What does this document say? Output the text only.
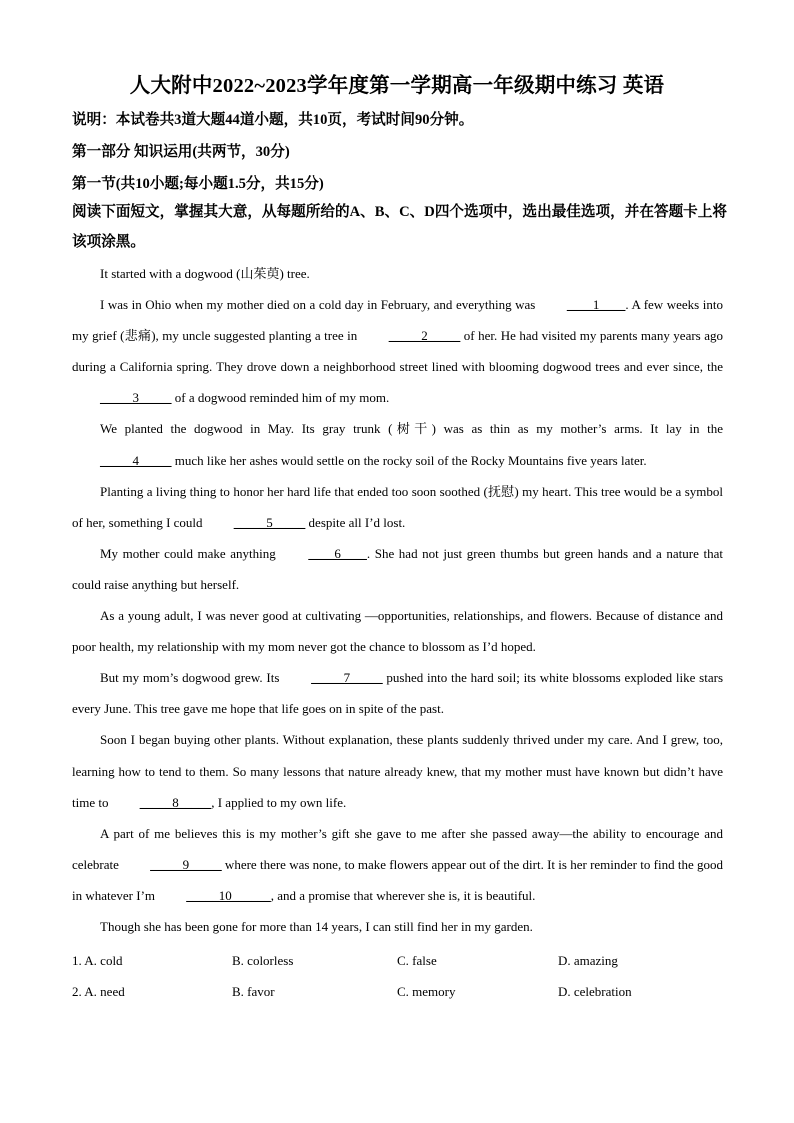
人大附中2022~2023学年度第一学期高一年级期中练习 英语
说明：本试卷共3道大题44道小题，共10页，考试时间90分钟。
第一部分 知识运用(共两节，30分)
第一节(共10小题;每小题1.5分，共15分)
阅读下面短文，掌握其大意，从每题所给的A、B、C、D四个选项中，选出最佳选项，并在答题卡上将该项涂黑。

It started with a dogwood (山茱萸) tree.

I was in Ohio when my mother died on a cold day in February, and everything was ____1____. A few weeks into my grief (悲痛), my uncle suggested planting a tree in _____2_____ of her. He had visited my parents many years ago during a California spring. They drove down a neighborhood street lined with blooming dogwood trees and ever since, the _____3_____ of a dogwood reminded him of my mom.

We planted the dogwood in May. Its gray trunk (树干) was as thin as my mother’s arms. It lay in the _____4_____ much like her ashes would settle on the rocky soil of the Rocky Mountains five years later.

Planting a living thing to honor her hard life that ended too soon soothed (抚慰) my heart. This tree would be a symbol of her, something I could _____5_____ despite all I’d lost.

My mother could make anything ____6____. She had not just green thumbs but green hands and a nature that could raise anything but herself.

As a young adult, I was never good at cultivating —opportunities, relationships, and flowers. Because of distance and poor health, my relationship with my mom never got the chance to blossom as I’d hoped.

But my mom’s dogwood grew. Its _____7_____ pushed into the hard soil; its white blossoms exploded like stars every June. This tree gave me hope that life goes on in spite of the past.

Soon I began buying other plants. Without explanation, these plants suddenly thrived under my care. And I grew, too, learning how to tend to them. So many lessons that nature already knew, that my mother must have known but didn’t have time to _____8_____, I applied to my own life.

A part of me believes this is my mother’s gift she gave to me after she passed away—the ability to encourage and celebrate _____9_____ where there was none, to make flowers appear out of the dirt. It is her reminder to find the good in whatever I’m _____10______, and a promise that wherever she is, it is beautiful.

Though she has been gone for more than 14 years, I can still find her in my garden.

1. A. cold	B. colorless	C. false	D. amazing
2. A. need	B. favor	C. memory	D. celebration
